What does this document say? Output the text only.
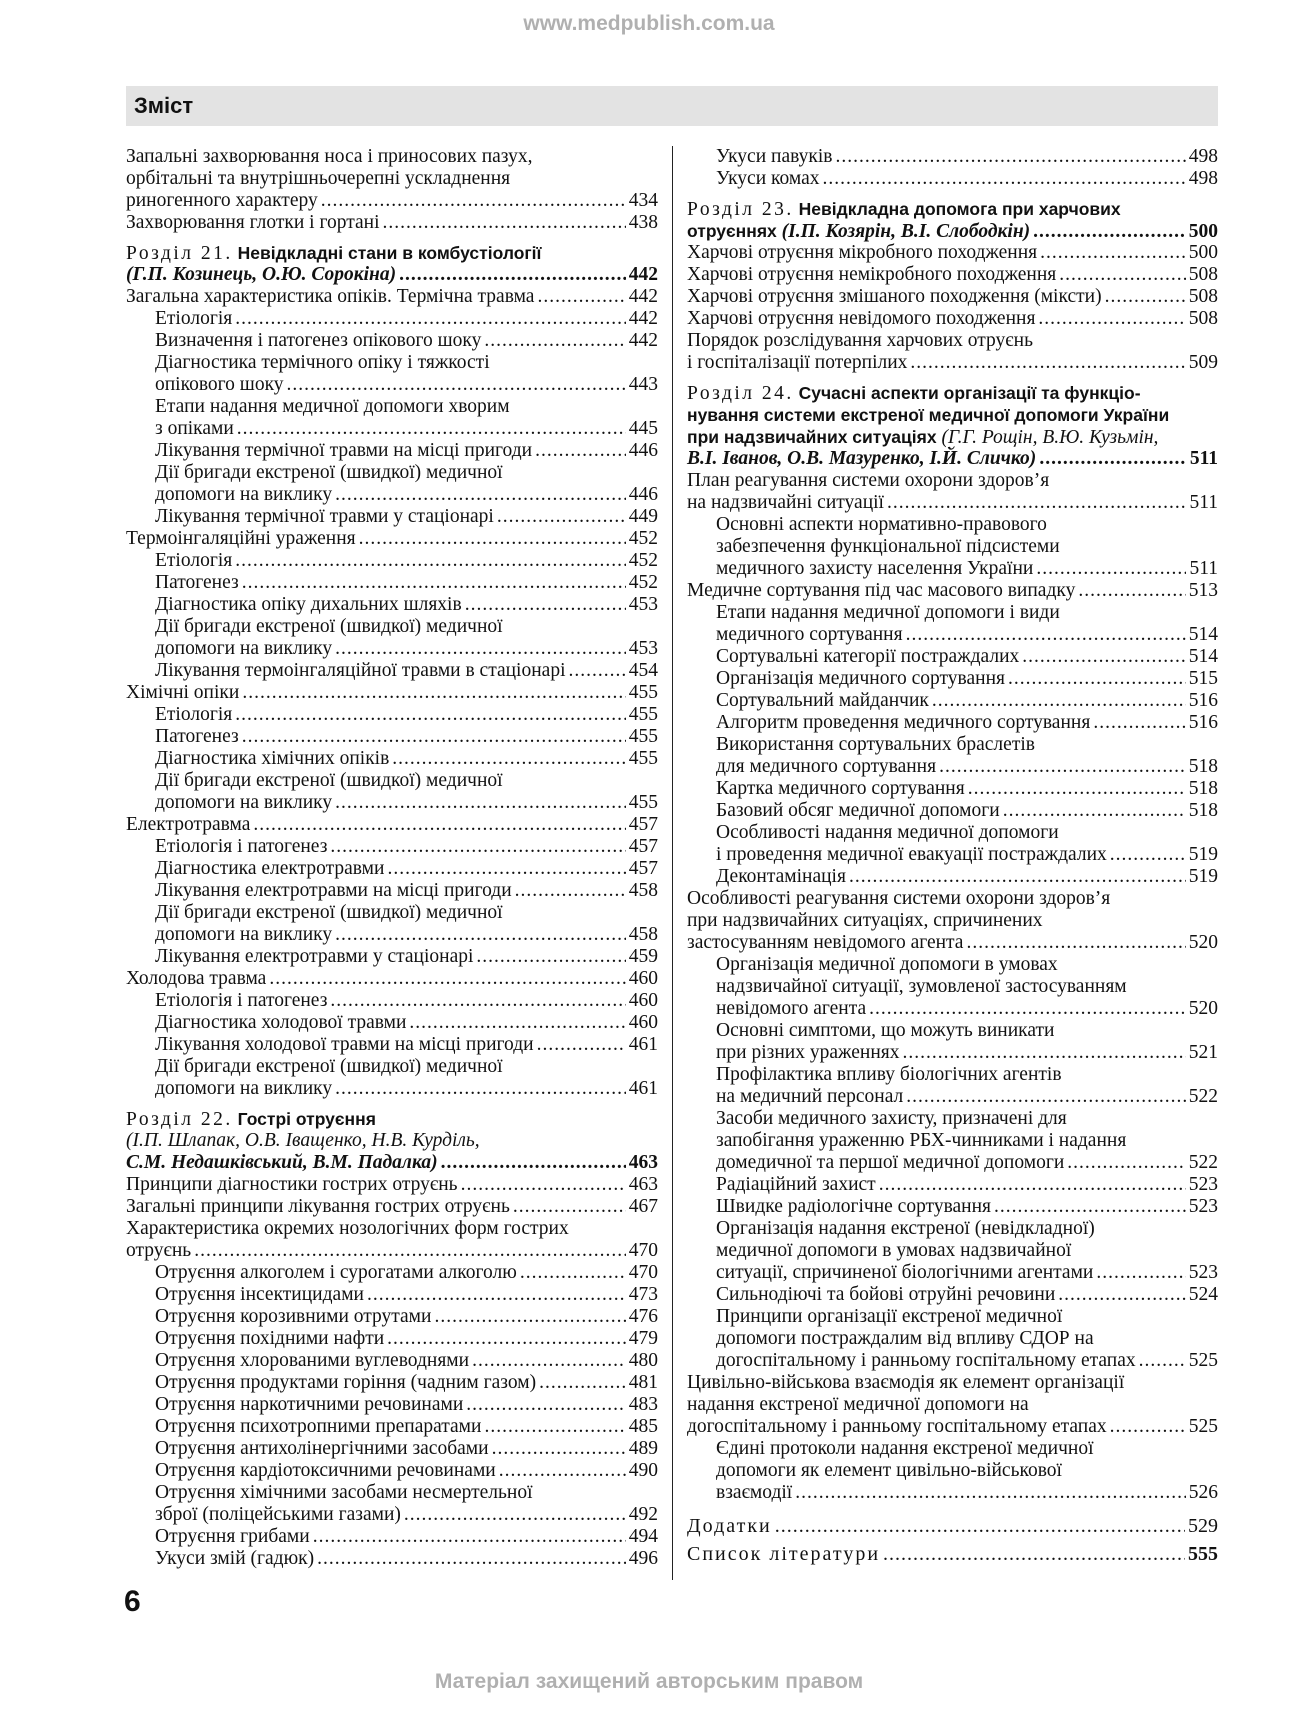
www.medpublish.com.ua
Зміст
Запальні захворювання носа і приносових пазух,
орбітальні та внутрішньочерепні ускладнення
риногенного характеру .....	434
Захворювання глотки і гортані .....	438
Розділ 21. Невідкладні стани в комбустіології
(Г.П. Козинець, О.Ю. Сорокіна) .....	442
Загальна характеристика опіків. Термічна травма .....	442
Етіологія .....	442
Визначення і патогенез опікового шоку .....	442
Діагностика термічного опіку і тяжкості
опікового шоку .....	443
Етапи надання медичної допомоги хворим
з опіками .....	445
Лікування термічної травми на місці пригоди .....	446
Дії бригади екстреної (швидкої) медичної
допомоги на виклику .....	446
Лікування термічної травми у стаціонарі .....	449
Термоінгаляційні ураження .....	452
Етіологія .....	452
Патогенез .....	452
Діагностика опіку дихальних шляхів .....	453
Дії бригади екстреної (швидкої) медичної
допомоги на виклику .....	453
Лікування термоінгаляційної травми в стаціонарі .....	454
Хімічні опіки .....	455
Етіологія .....	455
Патогенез .....	455
Діагностика хімічних опіків .....	455
Дії бригади екстреної (швидкої) медичної
допомоги на виклику .....	455
Електротравма .....	457
Етіологія і патогенез .....	457
Діагностика електротравми .....	457
Лікування електротравми на місці пригоди .....	458
Дії бригади екстреної (швидкої) медичної
допомоги на виклику .....	458
Лікування електротравми у стаціонарі .....	459
Холодова травма .....	460
Етіологія і патогенез .....	460
Діагностика холодової травми .....	460
Лікування холодової травми на місці пригоди .....	461
Дії бригади екстреної (швидкої) медичної
допомоги на виклику .....	461
Розділ 22. Гострі отруєння
(І.П. Шлапак, О.В. Іващенко, Н.В. Курділь,
С.М. Недашківський, В.М. Падалка) .....	463
Принципи діагностики гострих отруєнь .....	463
Загальні принципи лікування гострих отруєнь .....	467
Характеристика окремих нозологічних форм гострих
отруєнь .....	470
Отруєння алкоголем і сурогатами алкоголю .....	470
Отруєння інсектицидами .....	473
Отруєння корозивними отрутами .....	476
Отруєння похідними нафти .....	479
Отруєння хлорованими вуглеводнями .....	480
Отруєння продуктами горіння (чадним газом) .....	481
Отруєння наркотичними речовинами .....	483
Отруєння психотропними препаратами .....	485
Отруєння антихолінергічними засобами .....	489
Отруєння кардіотоксичними речовинами .....	490
Отруєння хімічними засобами несмертельної
зброї (поліцейськими газами) .....	492
Отруєння грибами .....	494
Укуси змій (гадюк) .....	496
Укуси павуків .....	498
Укуси комах .....	498
Розділ 23. Невідкладна допомога при харчових
отруєннях (І.П. Козярін, В.І. Слободкін) .....	500
Харчові отруєння мікробного походження .....	500
Харчові отруєння немікробного походження .....	508
Харчові отруєння змішаного походження (міксти) .....	508
Харчові отруєння невідомого походження .....	508
Порядок розслідування харчових отруєнь
і госпіталізації потерпілих .....	509
Розділ 24. Сучасні аспекти організації та функціо-
нування системи екстреної медичної допомоги України
при надзвичайних ситуаціях (Г.Г. Рощін, В.Ю. Кузьмін,
В.І. Іванов, О.В. Мазуренко, І.Й. Сличко) .....	511
План реагування системи охорони здоров’я
на надзвичайні ситуації .....	511
Основні аспекти нормативно-правового
забезпечення функціональної підсистеми
медичного захисту населення України .....	511
Медичне сортування під час масового випадку .....	513
Етапи надання медичної допомоги і види
медичного сортування .....	514
Сортувальні категорії постраждалих .....	514
Організація медичного сортування .....	515
Сортувальний майданчик .....	516
Алгоритм проведення медичного сортування .....	516
Використання сортувальних браслетів
для медичного сортування .....	518
Картка медичного сортування .....	518
Базовий обсяг медичної допомоги .....	518
Особливості надання медичної допомоги
і проведення медичної евакуації постраждалих .....	519
Деконтамінація .....	519
Особливості реагування системи охорони здоров’я
при надзвичайних ситуаціях, спричинених
застосуванням невідомого агента .....	520
Організація медичної допомоги в умовах
надзвичайної ситуації, зумовленої застосуванням
невідомого агента .....	520
Основні симптоми, що можуть виникати
при різних ураженнях .....	521
Профілактика впливу біологічних агентів
на медичний персонал .....	522
Засоби медичного захисту, призначені для
запобігання ураженню РБХ-чинниками і надання
домедичної та першої медичної допомоги .....	522
Радіаційний захист .....	523
Швидке радіологічне сортування .....	523
Організація надання екстреної (невідкладної)
медичної допомоги в умовах надзвичайної
ситуації, спричиненої біологічними агентами .....	523
Сильнодіючі та бойові отруйні речовини .....	524
Принципи організації екстреної медичної
допомоги постраждалим від впливу СДОР на
догоспітальному і ранньому госпітальному етапах .....	525
Цивільно-військова взаємодія як елемент організації
надання екстреної медичної допомоги на
догоспітальному і ранньому госпітальному етапах .....	525
Єдині протоколи надання екстреної медичної
допомоги як елемент цивільно-військової
взаємодії .....	526
Додатки .....	529
Список літератури .....	555
6
Матеріал захищений авторським правом
